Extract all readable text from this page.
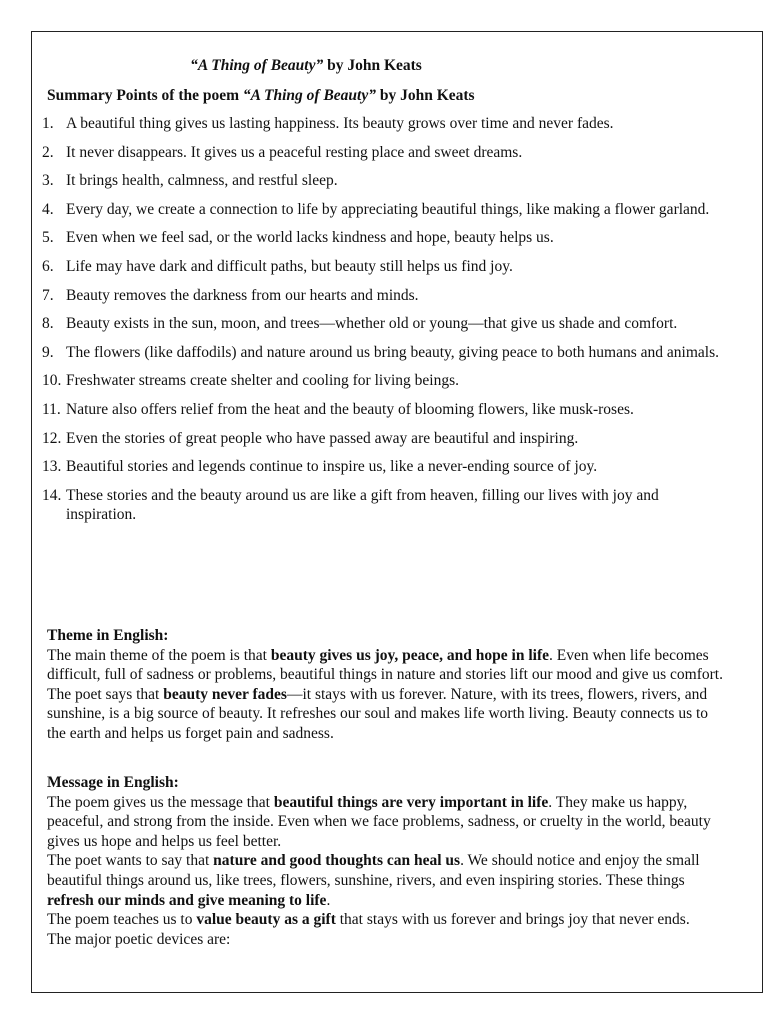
“A Thing of Beauty” by John Keats
Summary Points of the poem “A Thing of Beauty” by John Keats
1. A beautiful thing gives us lasting happiness. Its beauty grows over time and never fades.
2. It never disappears. It gives us a peaceful resting place and sweet dreams.
3. It brings health, calmness, and restful sleep.
4. Every day, we create a connection to life by appreciating beautiful things, like making a flower garland.
5. Even when we feel sad, or the world lacks kindness and hope, beauty helps us.
6. Life may have dark and difficult paths, but beauty still helps us find joy.
7. Beauty removes the darkness from our hearts and minds.
8. Beauty exists in the sun, moon, and trees—whether old or young—that give us shade and comfort.
9. The flowers (like daffodils) and nature around us bring beauty, giving peace to both humans and animals.
10. Freshwater streams create shelter and cooling for living beings.
11. Nature also offers relief from the heat and the beauty of blooming flowers, like musk-roses.
12. Even the stories of great people who have passed away are beautiful and inspiring.
13. Beautiful stories and legends continue to inspire us, like a never-ending source of joy.
14. These stories and the beauty around us are like a gift from heaven, filling our lives with joy and inspiration.
Theme in English:
The main theme of the poem is that beauty gives us joy, peace, and hope in life. Even when life becomes difficult, full of sadness or problems, beautiful things in nature and stories lift our mood and give us comfort.
The poet says that beauty never fades—it stays with us forever. Nature, with its trees, flowers, rivers, and sunshine, is a big source of beauty. It refreshes our soul and makes life worth living. Beauty connects us to the earth and helps us forget pain and sadness.
Message in English:
The poem gives us the message that beautiful things are very important in life. They make us happy, peaceful, and strong from the inside. Even when we face problems, sadness, or cruelty in the world, beauty gives us hope and helps us feel better.
The poet wants to say that nature and good thoughts can heal us. We should notice and enjoy the small beautiful things around us, like trees, flowers, sunshine, rivers, and even inspiring stories. These things refresh our minds and give meaning to life.
The poem teaches us to value beauty as a gift that stays with us forever and brings joy that never ends.
The major poetic devices are:
